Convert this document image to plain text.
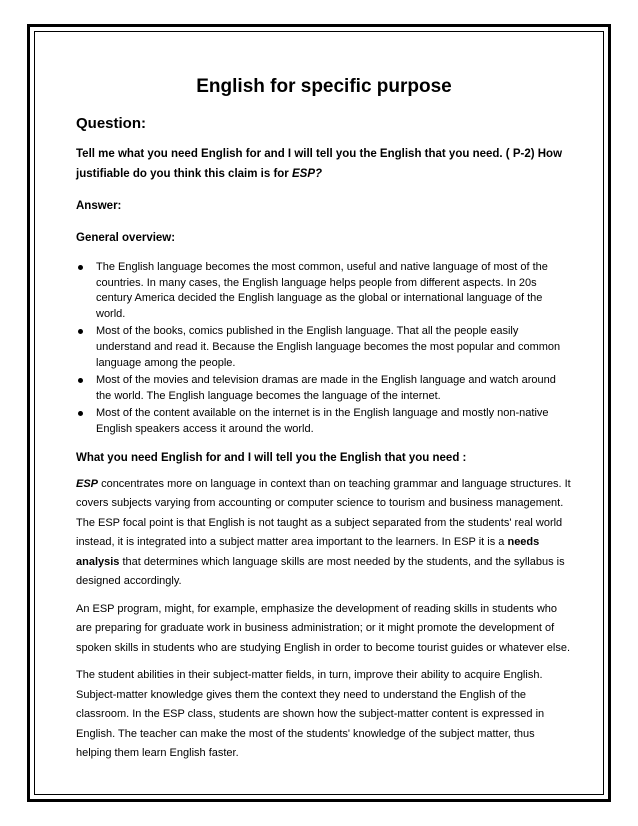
English for specific purpose
Question:
Tell me what you need English for and I will tell you the English that you need. ( P-2) How justifiable do you think this claim is for ESP?
Answer:
General overview:
The English language becomes the most common, useful and native language of most of the countries. In many cases, the English language helps people from different aspects. In 20s century America decided the English language as the global or international language of the world.
Most of the books, comics published in the English language. That all the people easily understand and read it. Because the English language becomes the most popular and common language among the people.
Most of the movies and television dramas are made in the English language and watch around the world. The English language becomes the language of the internet.
Most of the content available on the internet is in the English language and mostly non-native English speakers access it around the world.
What you need English for and I will tell you the English that you need :

ESP concentrates more on language in context than on teaching grammar and language structures. It covers subjects varying from accounting or computer science to tourism and business management. The ESP focal point is that English is not taught as a subject separated from the students' real world instead, it is integrated into a subject matter area important to the learners. In ESP it is a needs analysis that determines which language skills are most needed by the students, and the syllabus is designed accordingly.

An ESP program, might, for example, emphasize the development of reading skills in students who are preparing for graduate work in business administration; or it might promote the development of spoken skills in students who are studying English in order to become tourist guides or whatever else.

The student abilities in their subject-matter fields, in turn, improve their ability to acquire English. Subject-matter knowledge gives them the context they need to understand the English of the classroom. In the ESP class, students are shown how the subject-matter content is expressed in English. The teacher can make the most of the students' knowledge of the subject matter, thus helping them learn English faster.
